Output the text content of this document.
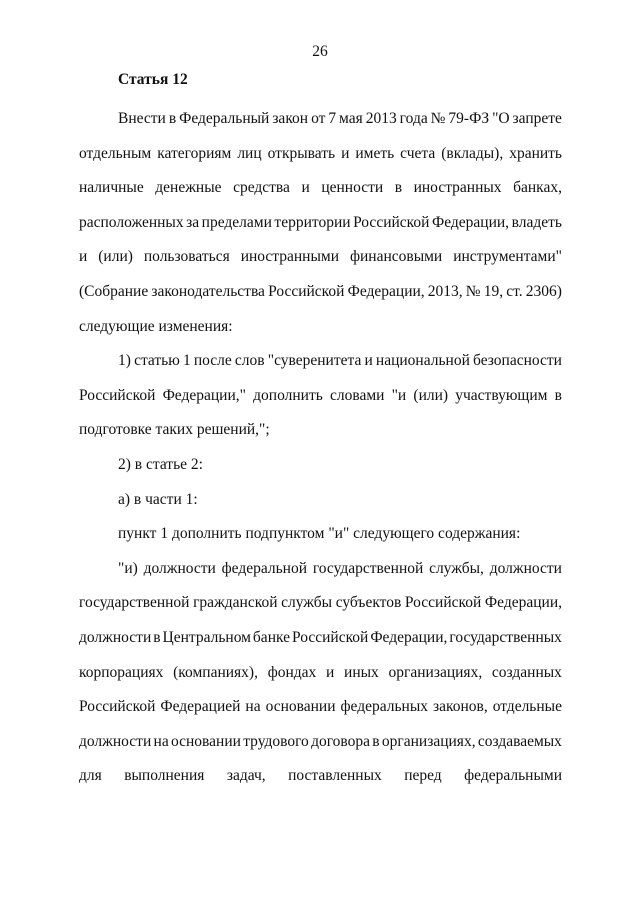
26
Статья 12
Внести в Федеральный закон от 7 мая 2013 года № 79-ФЗ "О запрете
отдельным категориям лиц открывать и иметь счета (вклады), хранить
наличные денежные средства и ценности в иностранных банках,
расположенных за пределами территории Российской Федерации, владеть
и (или) пользоваться иностранными финансовыми инструментами"
(Собрание законодательства Российской Федерации, 2013, № 19, ст. 2306)
следующие изменения:
1) статью 1 после слов "суверенитета и национальной безопасности
Российской Федерации," дополнить словами "и (или) участвующим в
подготовке таких решений,";
2) в статье 2:
а) в части 1:
пункт 1 дополнить подпунктом "и" следующего содержания:
"и) должности федеральной государственной службы, должности
государственной гражданской службы субъектов Российской Федерации,
должности в Центральном банке Российской Федерации, государственных
корпорациях (компаниях), фондах и иных организациях, созданных
Российской Федерацией на основании федеральных законов, отдельные
должности на основании трудового договора в организациях, создаваемых
для выполнения задач, поставленных перед федеральными
